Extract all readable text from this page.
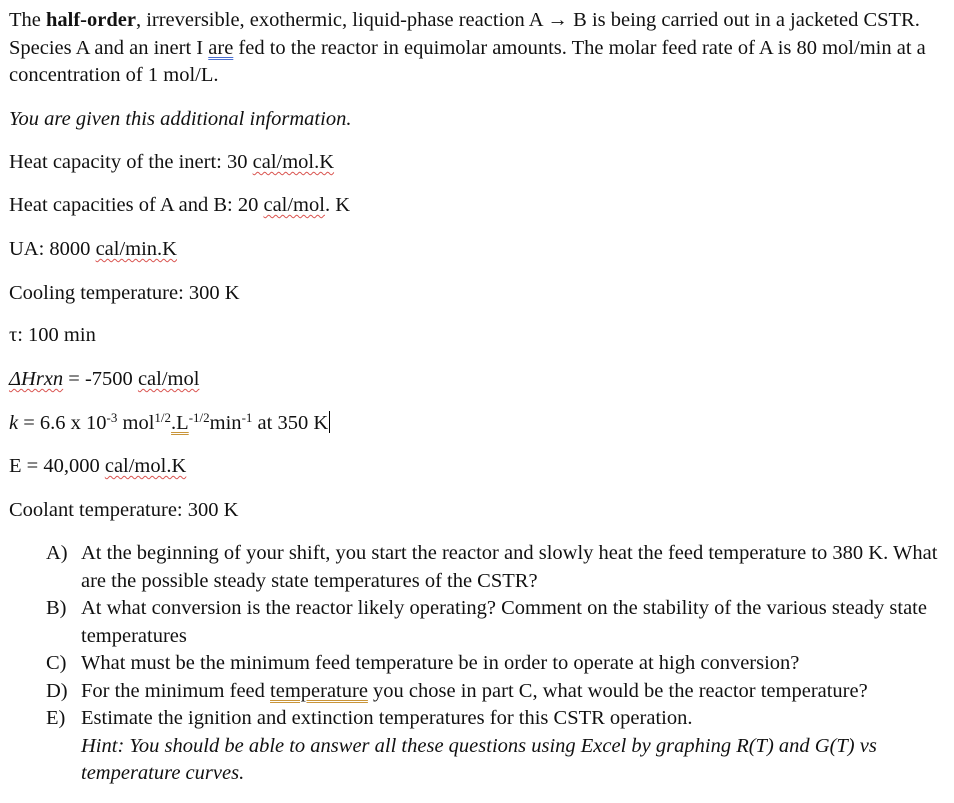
The half-order, irreversible, exothermic, liquid-phase reaction A → B is being carried out in a jacketed CSTR. Species A and an inert I are fed to the reactor in equimolar amounts. The molar feed rate of A is 80 mol/min at a concentration of 1 mol/L.
You are given this additional information.
Heat capacity of the inert: 30 cal/mol.K
Heat capacities of A and B: 20 cal/mol. K
UA: 8000 cal/min.K
Cooling temperature: 300 K
τ: 100 min
ΔHrxn = -7500 cal/mol
k = 6.6 x $10^{-3}$ $mol^{1/2}.L^{-1/2}\min^{-1}$ at 350 K
E = 40,000 cal/mol.K
Coolant temperature: 300 K
A) At the beginning of your shift, you start the reactor and slowly heat the feed temperature to 380 K. What are the possible steady state temperatures of the CSTR?
B) At what conversion is the reactor likely operating? Comment on the stability of the various steady state temperatures
C) What must be the minimum feed temperature be in order to operate at high conversion?
D) For the minimum feed temperature you chose in part C, what would be the reactor temperature?
E) Estimate the ignition and extinction temperatures for this CSTR operation.
Hint: You should be able to answer all these questions using Excel by graphing R(T) and G(T) vs temperature curves.
